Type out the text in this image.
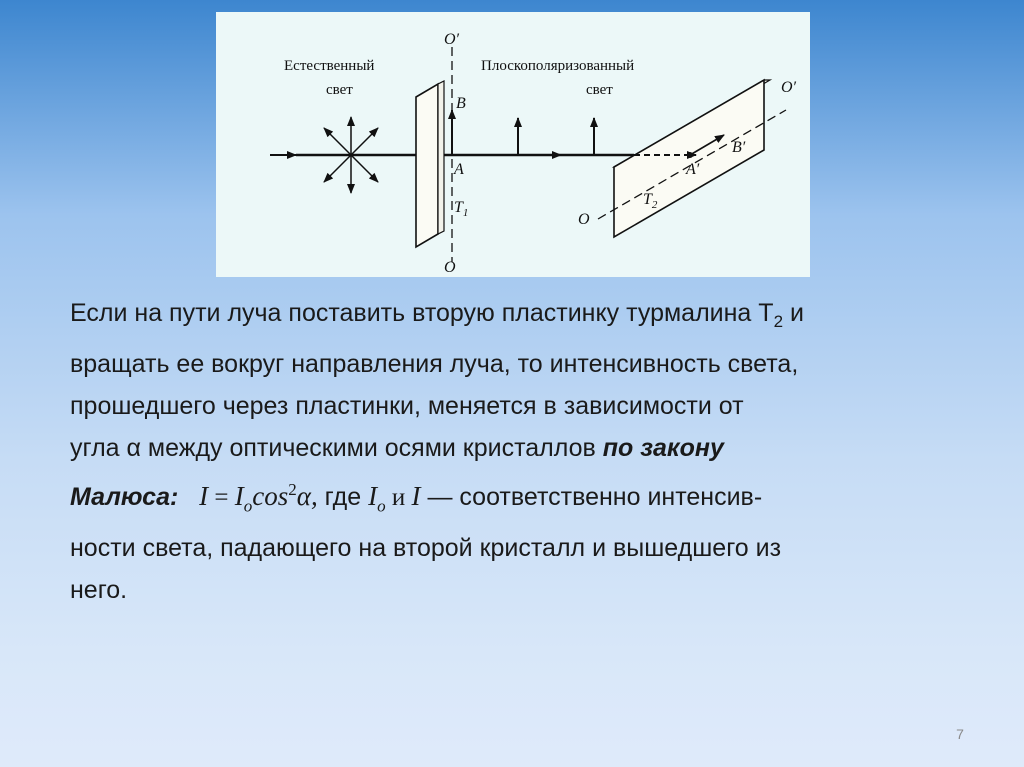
Естественный
свет
Плоскополяризованный
свет
O′
O
B
A
$T_1$
O′
O
A′
B′
$T_2$
Если на пути луча поставить вторую пластинку турмалина $Т_2$ и
вращать ее вокруг направления луча, то интенсивность света,
прошедшего через пластинки, меняется в зависимости от
угла α между оптическими осями кристаллов по закону
Малюса: $I = I_o\cos^2\alpha$, где $I_o$ и I — соответственно интенсив-
ности света, падающего на второй кристалл и вышедшего из
него.
7
